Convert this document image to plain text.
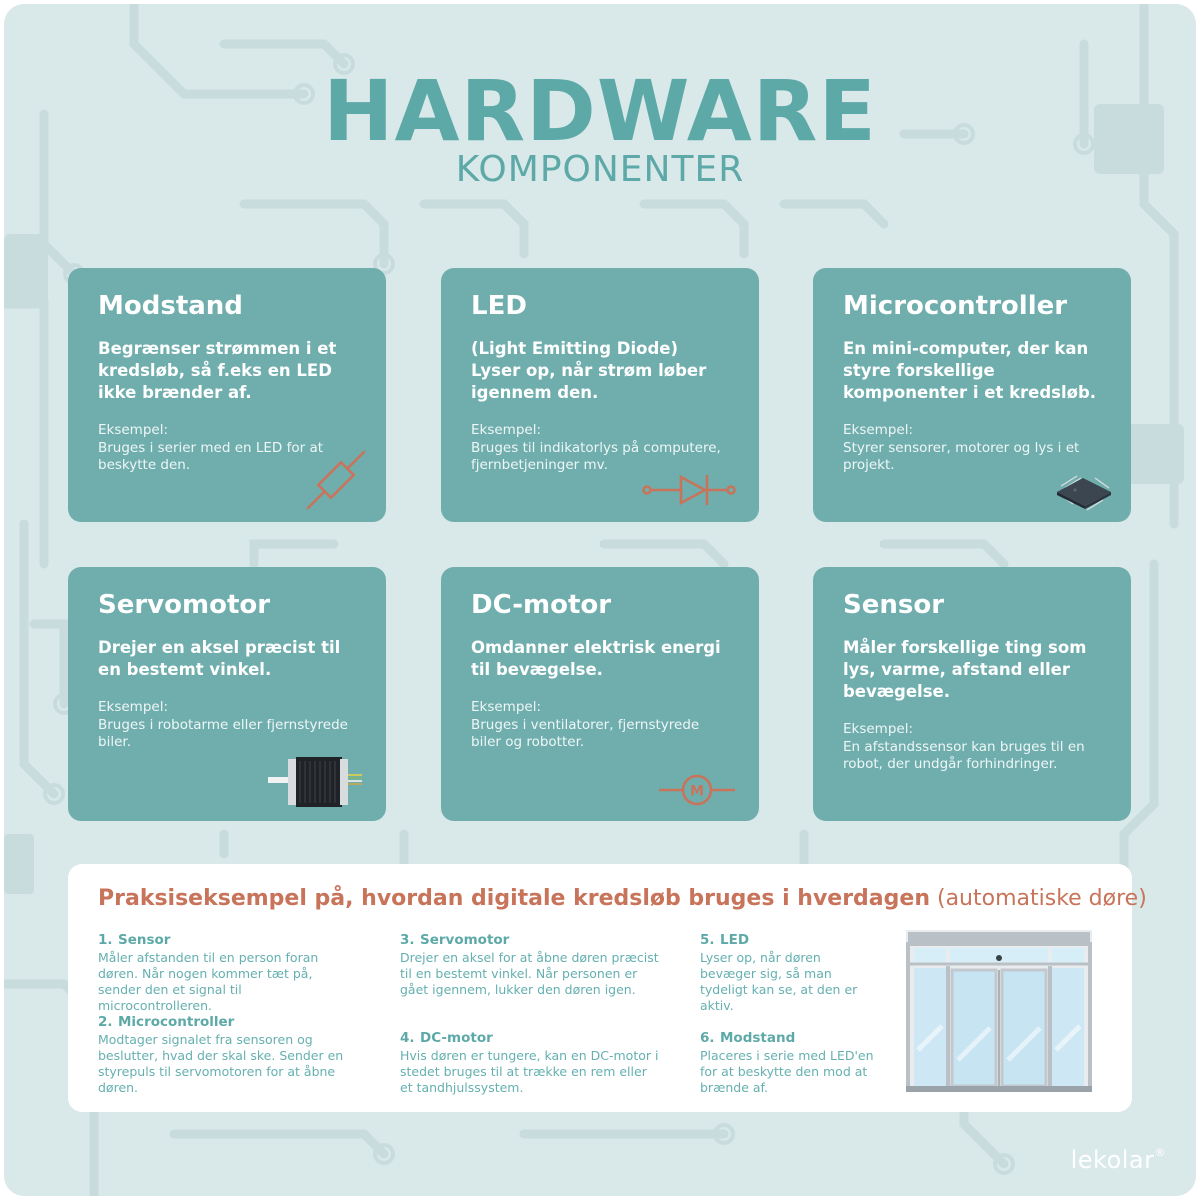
HARDWARE
KOMPONENTER
Modstand
Begrænser strømmen i et kredsløb, så f.eks en LED ikke brænder af.
Eksempel:
Bruges i serier med en LED for at beskytte den.
LED
(Light Emitting Diode)
Lyser op, når strøm løber igennem den.
Eksempel:
Bruges til indikatorlys på computere, fjernbetjeninger mv.
Microcontroller
En mini-computer, der kan styre forskellige komponenter i et kredsløb.
Eksempel:
Styrer sensorer, motorer og lys i et projekt.
Servomotor
Drejer en aksel præcist til en bestemt vinkel.
Eksempel:
Bruges i robotarme eller fjernstyrede biler.
DC-motor
Omdanner elektrisk energi til bevægelse.
Eksempel:
Bruges i ventilatorer, fjernstyrede biler og robotter.
M
Sensor
Måler forskellige ting som lys, varme, afstand eller bevægelse.
Eksempel:
En afstandssensor kan bruges til en robot, der undgår forhindringer.
Praksiseksempel på, hvordan digitale kredsløb bruges i hverdagen (automatiske døre)
1. Sensor
Måler afstanden til en person foran døren. Når nogen kommer tæt på, sender den et signal til microcontrolleren.
2. Microcontroller
Modtager signalet fra sensoren og beslutter, hvad der skal ske. Sender en styrepuls til servomotoren for at åbne døren.
3. Servomotor
Drejer en aksel for at åbne døren præcist til en bestemt vinkel. Når personen er gået igennem, lukker den døren igen.
4. DC-motor
Hvis døren er tungere, kan en DC-motor i stedet bruges til at trække en rem eller et tandhjulssystem.
5. LED
Lyser op, når døren bevæger sig, så man tydeligt kan se, at den er aktiv.
6. Modstand
Placeres i serie med LED'en for at beskytte den mod at brænde af.
lekolar®
